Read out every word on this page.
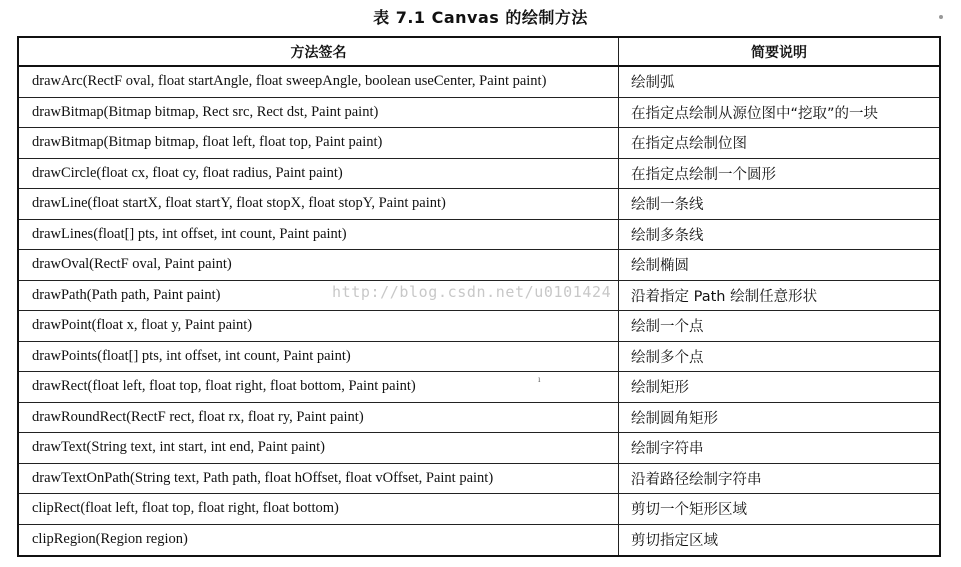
表 7.1 Canvas 的绘制方法
方法签名	简要说明
drawArc(RectF oval, float startAngle, float sweepAngle, boolean useCenter, Paint paint)	绘制弧
drawBitmap(Bitmap bitmap, Rect src, Rect dst, Paint paint)	在指定点绘制从源位图中“挖取”的一块
drawBitmap(Bitmap bitmap, float left, float top, Paint paint)	在指定点绘制位图
drawCircle(float cx, float cy, float radius, Paint paint)	在指定点绘制一个圆形
drawLine(float startX, float startY, float stopX, float stopY, Paint paint)	绘制一条线
drawLines(float[] pts, int offset, int count, Paint paint)	绘制多条线
drawOval(RectF oval, Paint paint)	绘制椭圆
drawPath(Path path, Paint paint)	沿着指定 Path 绘制任意形状
drawPoint(float x, float y, Paint paint)	绘制一个点
drawPoints(float[] pts, int offset, int count, Paint paint)	绘制多个点
drawRect(float left, float top, float right, float bottom, Paint paint)	绘制矩形
drawRoundRect(RectF rect, float rx, float ry, Paint paint)	绘制圆角矩形
drawText(String text, int start, int end, Paint paint)	绘制字符串
drawTextOnPath(String text, Path path, float hOffset, float vOffset, Paint paint)	沿着路径绘制字符串
clipRect(float left, float top, float right, float bottom)	剪切一个矩形区域
clipRegion(Region region)	剪切指定区域
http://blog.csdn.net/u0101424
ı
